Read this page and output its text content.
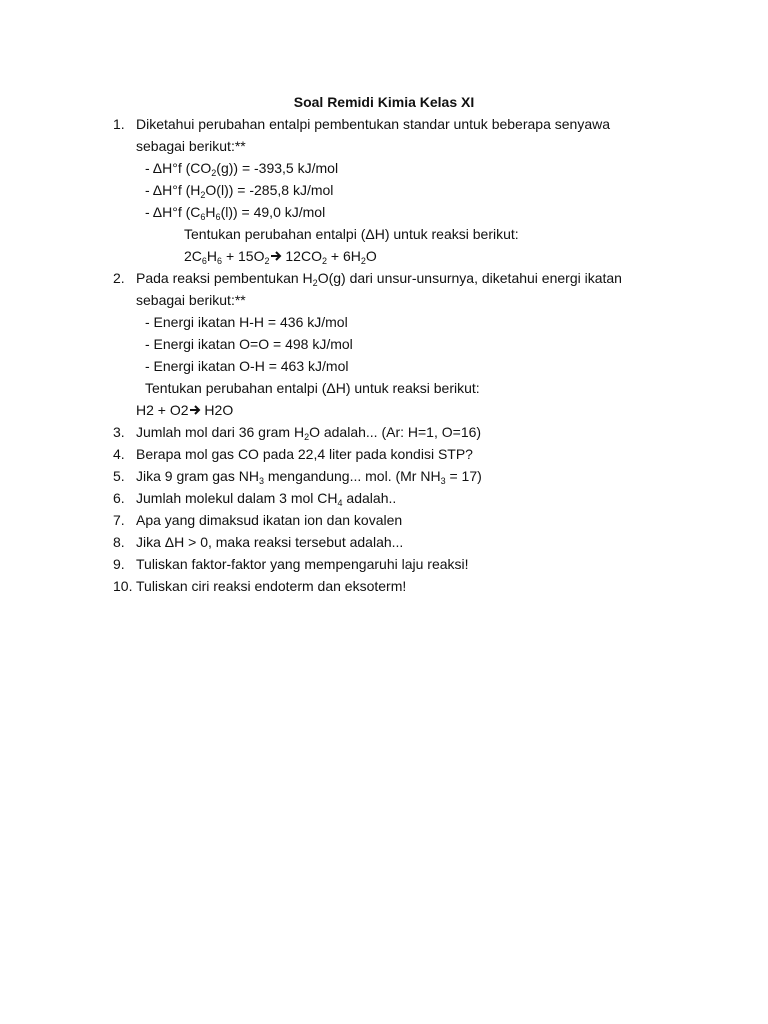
Soal Remidi Kimia Kelas XI
1. Diketahui perubahan entalpi pembentukan standar untuk beberapa senyawa
sebagai berikut:**
- ΔH°f $(CO_2(g)) = -393,5$ kJ/mol
- ΔH°f $(H_2O(l)) = -285,8$ kJ/mol
- ΔH°f $(C_6H_6(l)) = 49,0$ kJ/mol
Tentukan perubahan entalpi (ΔH) untuk reaksi berikut:
$2C_6H_6 + 15O_2$ $12CO_2 + 6H_2O$
2. Pada reaksi pembentukan $H_2O(g)$ dari unsur-unsurnya, diketahui energi ikatan
sebagai berikut:**
- Energi ikatan H-H = 436 kJ/mol
- Energi ikatan O=O = 498 kJ/mol
- Energi ikatan O-H = 463 kJ/mol
Tentukan perubahan entalpi (ΔH) untuk reaksi berikut:
H2 + O2 H2O
3. Jumlah mol dari 36 gram $H_2O$ adalah... (Ar: H=1, O=16)
4. Berapa mol gas CO pada 22,4 liter pada kondisi STP?
5. Jika 9 gram gas $NH_3$ mengandung... mol. (Mr $NH_3 = 17$)
6. Jumlah molekul dalam 3 mol $CH_4$ adalah..
7. Apa yang dimaksud ikatan ion dan kovalen
8. Jika ΔH > 0, maka reaksi tersebut adalah...
9. Tuliskan faktor-faktor yang mempengaruhi laju reaksi!
10. Tuliskan ciri reaksi endoterm dan eksoterm!
